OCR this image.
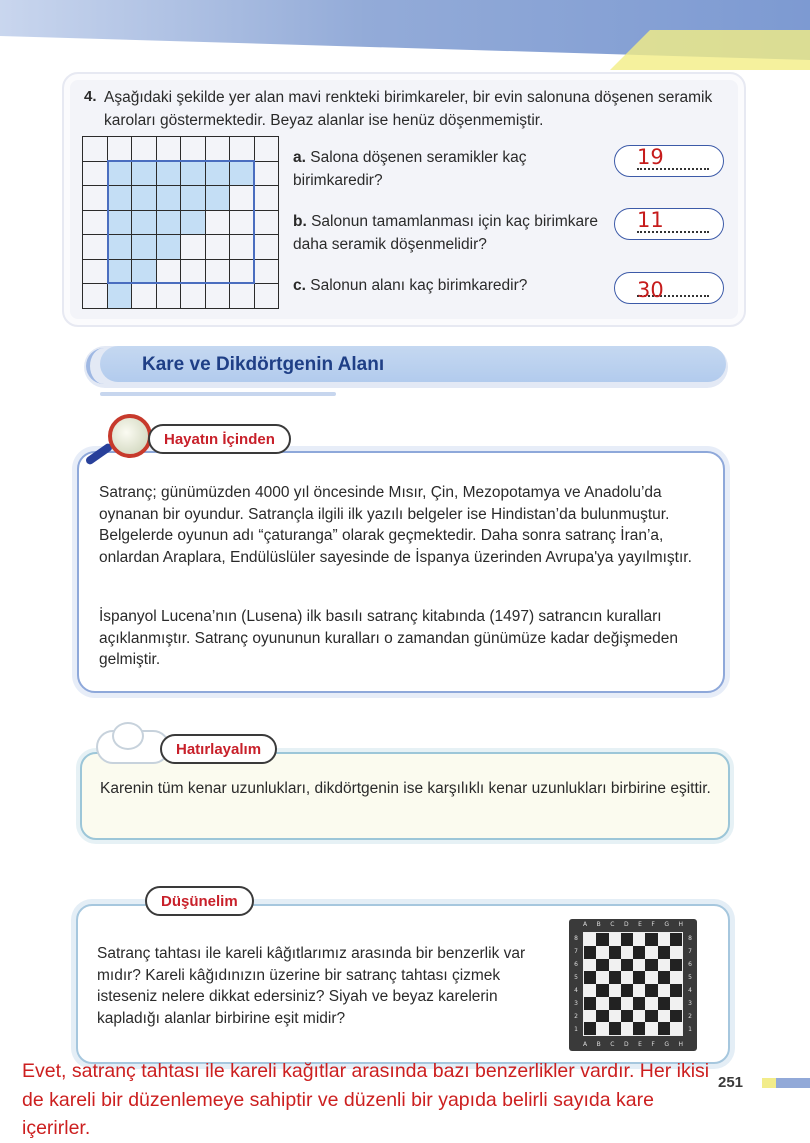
4. Aşağıdaki şekilde yer alan mavi renkteki birimkareler, bir evin salonuna döşenen seramik karoları göstermektedir. Beyaz alanlar ise henüz döşenmemiştir.

a. Salona döşenen seramikler kaç birimkaredir?
19
b. Salonun tamamlanması için kaç birimkare daha seramik döşenmelidir?
11
c. Salonun alanı kaç birimkaredir?	30
Kare ve Dikdörtgenin Alanı
Hayatın İçinden
Satranç; günümüzden 4000 yıl öncesinde Mısır, Çin, Mezopotamya ve Anadolu’da oynanan bir oyundur. Satrançla ilgili ilk yazılı belgeler ise Hindistan’da bulunmuştur. Belgelerde oyunun adı “çaturanga” olarak geçmektedir. Daha sonra satranç İran’a, onlardan Araplara, Endülüslüler sayesinde de İspanya üzerinden Avrupa'ya yayılmıştır.
İspanyol Lucena’nın (Lusena) ilk basılı satranç kitabında (1497) satrancın kuralları açıklanmıştır. Satranç oyununun kuralları o zamandan günümüze kadar değişmeden gelmiştir.
Hatırlayalım
Karenin tüm kenar uzunlukları, dikdörtgenin ise karşılıklı kenar uzunlukları birbirine eşittir.
Düşünelim
Satranç tahtası ile kareli kâğıtlarımız arasında bir benzerlik var mıdır? Kareli kâğıdınızın üzerine bir satranç tahtası çizmek isteseniz nelere dikkat edersiniz? Siyah ve beyaz karelerin kapladığı alanlar birbirine eşit midir?
A B C D E F G H
8
7
6
5
4
3
2
1
8
7
6
5
4
3
2
1
A B C D E F G H
Evet, satranç tahtası ile kareli kağıtlar arasında bazı benzerlikler vardır. Her ikisi de kareli bir düzenlemeye sahiptir ve düzenli bir yapıda belirli sayıda kare içerirler.
251
